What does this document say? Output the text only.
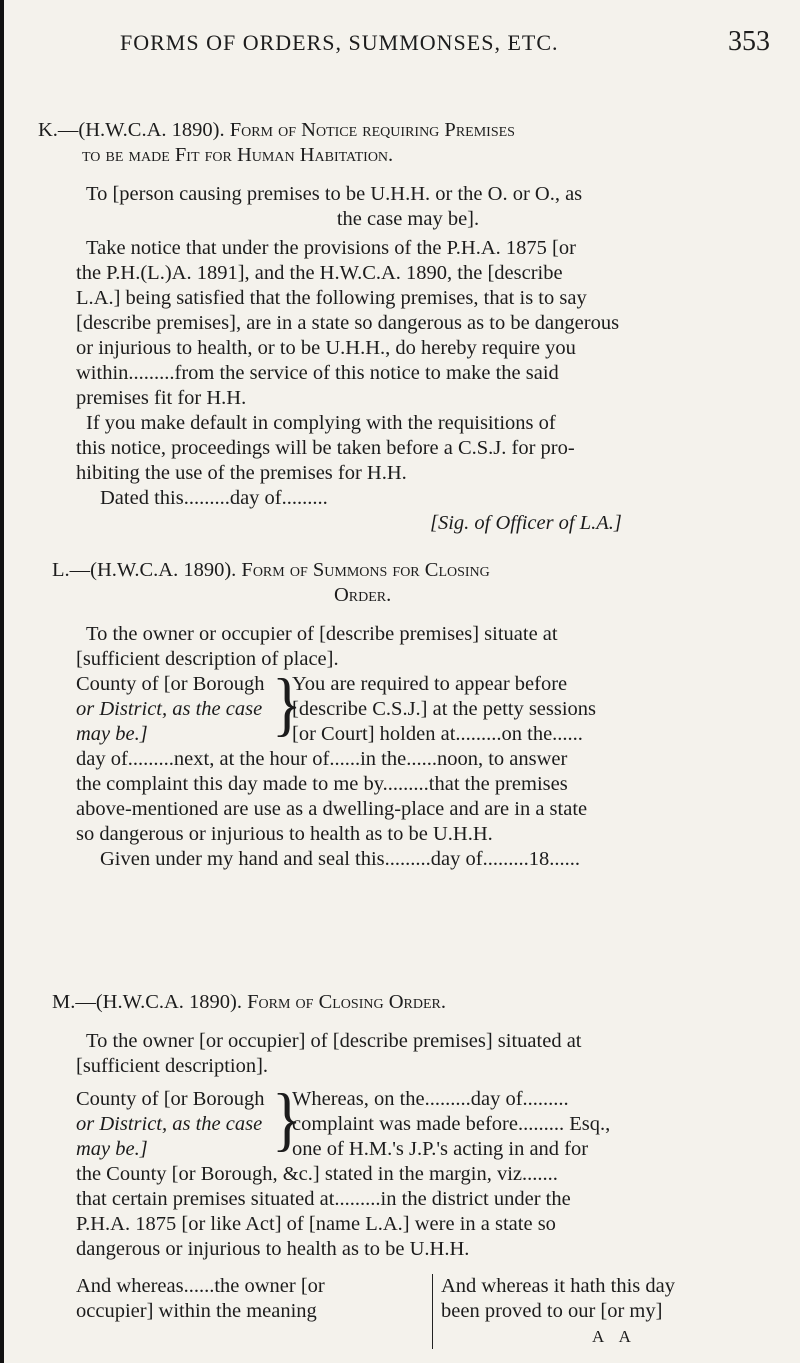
FORMS OF ORDERS, SUMMONSES, ETC.	353
K.—(H.W.C.A. 1890). Form of Notice requiring Premises
to be made Fit for Human Habitation.
To [person causing premises to be U.H.H. or the O. or O., as
the case may be].
Take notice that under the provisions of the P.H.A. 1875 [or
the P.H.(L.)A. 1891], and the H.W.C.A. 1890, the [describe
L.A.] being satisfied that the following premises, that is to say
[describe premises], are in a state so dangerous as to be dangerous
or injurious to health, or to be U.H.H., do hereby require you
within.........from the service of this notice to make the said
premises fit for H.H.
If you make default in complying with the requisitions of
this notice, proceedings will be taken before a C.S.J. for pro-
hibiting the use of the premises for H.H.
Dated this.........day of.........
[Sig. of Officer of L.A.]
L.—(H.W.C.A. 1890). Form of Summons for Closing
Order.
To the owner or occupier of [describe premises] situate at
[sufficient description of place].
County of [or Borough
or District, as the case
may be.]	}
You are required to appear before
[describe C.S.J.] at the petty sessions
[or Court] holden at.........on the......
day of.........next, at the hour of......in the......noon, to answer
the complaint this day made to me by.........that the premises
above-mentioned are use as a dwelling-place and are in a state
so dangerous or injurious to health as to be U.H.H.
Given under my hand and seal this.........day of.........18......
M.—(H.W.C.A. 1890). Form of Closing Order.
To the owner [or occupier] of [describe premises] situated at
[sufficient description].
County of [or Borough
or District, as the case
may be.]	}
Whereas, on the.........day of.........
complaint was made before......... Esq.,
one of H.M.'s J.P.'s acting in and for
the County [or Borough, &c.] stated in the margin, viz.......
that certain premises situated at.........in the district under the
P.H.A. 1875 [or like Act] of [name L.A.] were in a state so
dangerous or injurious to health as to be U.H.H.
And whereas......the owner [or
occupier] within the meaning
And whereas it hath this day
been proved to our [or my]
A A
